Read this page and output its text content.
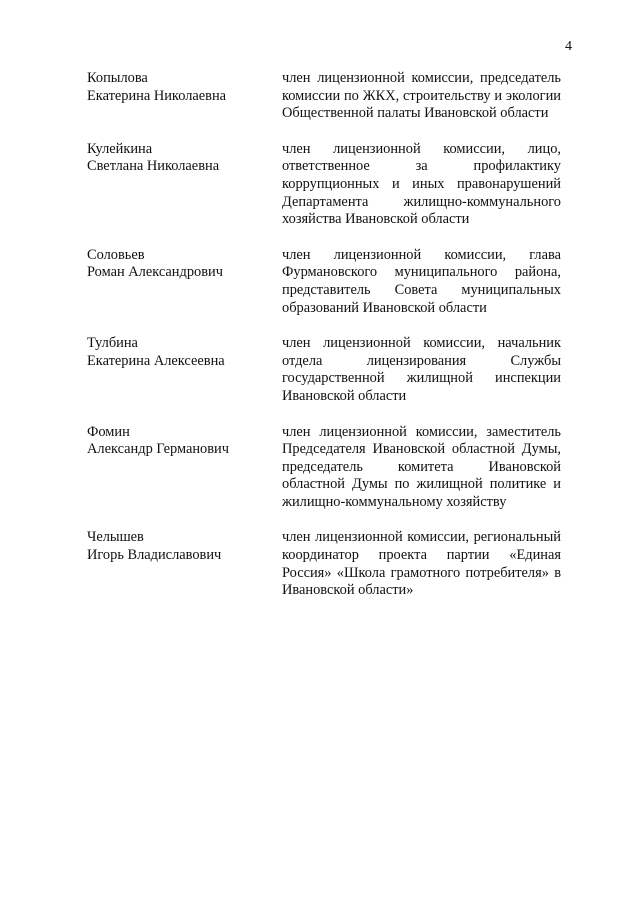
4
Копылова
Екатерина Николаевна
член лицензионной комиссии, председатель комиссии по ЖКХ, строительству и экологии Общественной палаты Ивановской области
Кулейкина
Светлана Николаевна
член лицензионной комиссии, лицо, ответственное за профилактику коррупционных и иных правонарушений Департамента жилищно-коммунального хозяйства Ивановской области
Соловьев
Роман Александрович
член лицензионной комиссии, глава Фурмановского муниципального района, представитель Совета муниципальных образований Ивановской области
Тулбина
Екатерина Алексеевна
член лицензионной комиссии, начальник отдела лицензирования Службы государственной жилищной инспекции Ивановской области
Фомин
Александр Германович
член лицензионной комиссии, заместитель Председателя Ивановской областной Думы, председатель комитета Ивановской областной Думы по жилищной политике и жилищно-коммунальному хозяйству
Челышев
Игорь Владиславович
член лицензионной комиссии, региональный координатор проекта партии «Единая Россия» «Школа грамотного потребителя» в Ивановской области»
